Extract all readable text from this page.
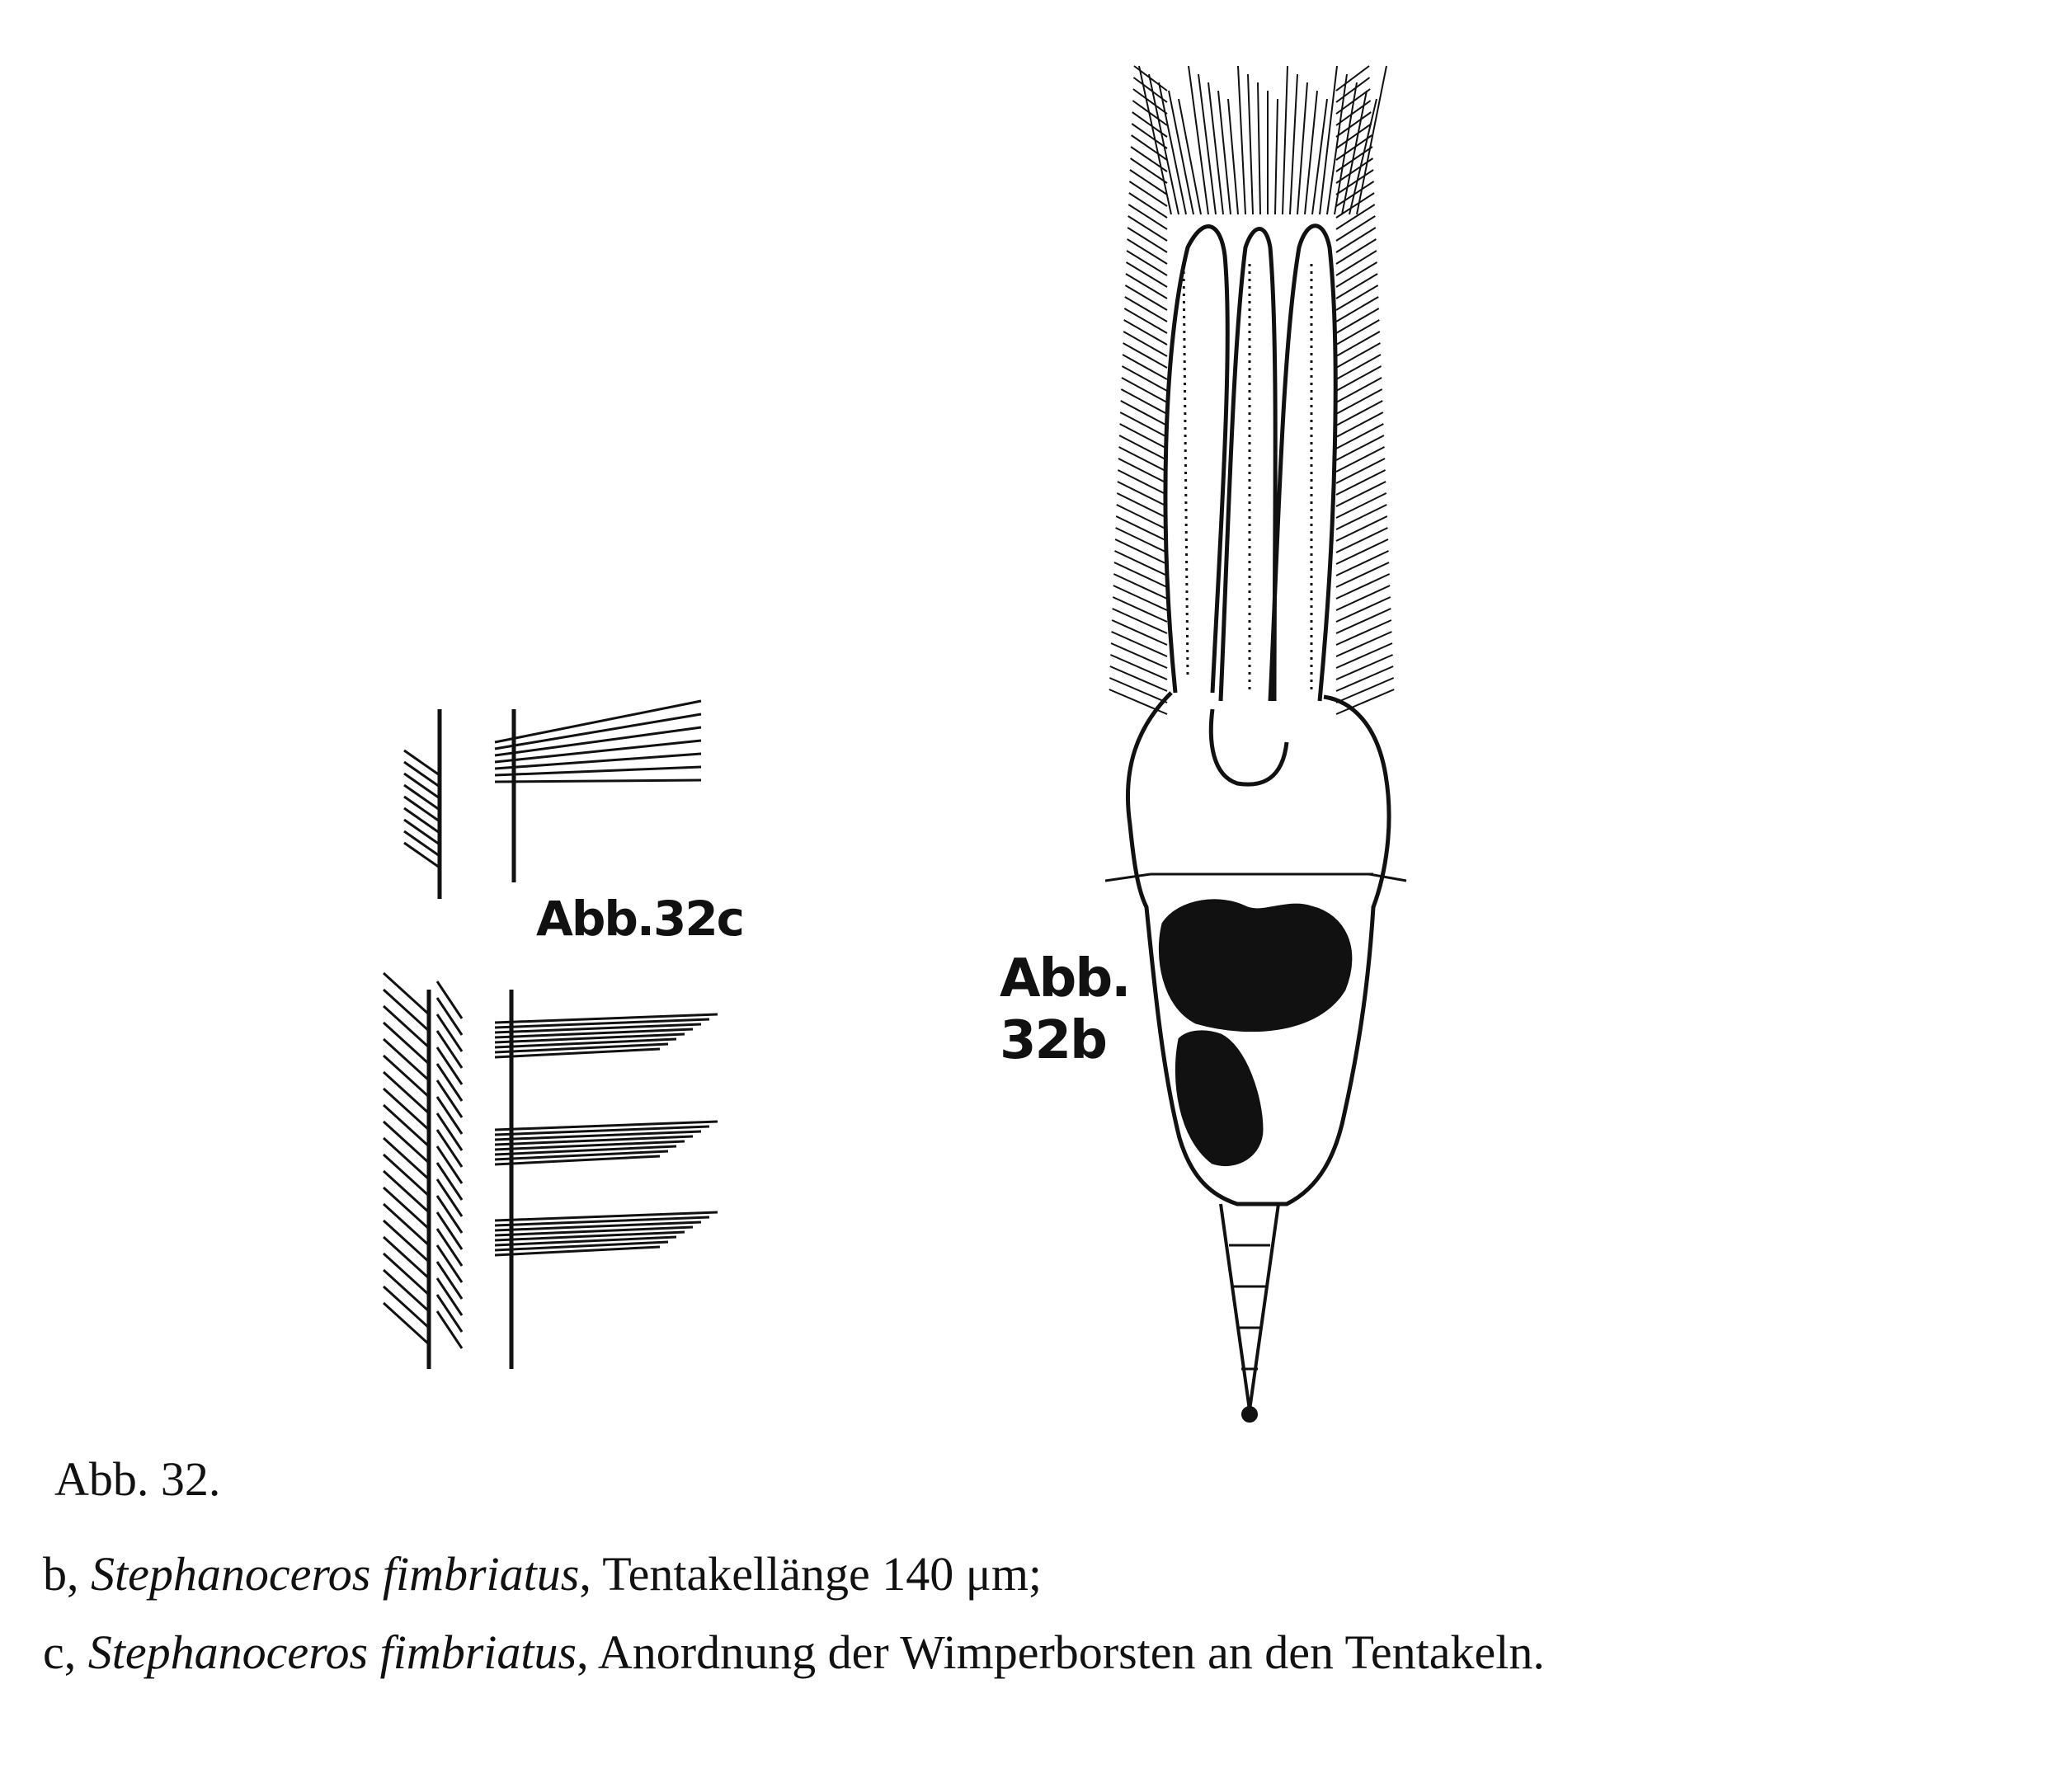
Abb.32c
Abb.
32b
Abb. 32.
b, Stephanoceros fimbriatus, Tentakellänge 140 μm;
c, Stephanoceros fimbriatus, Anordnung der Wimperborsten an den Tentakeln.
